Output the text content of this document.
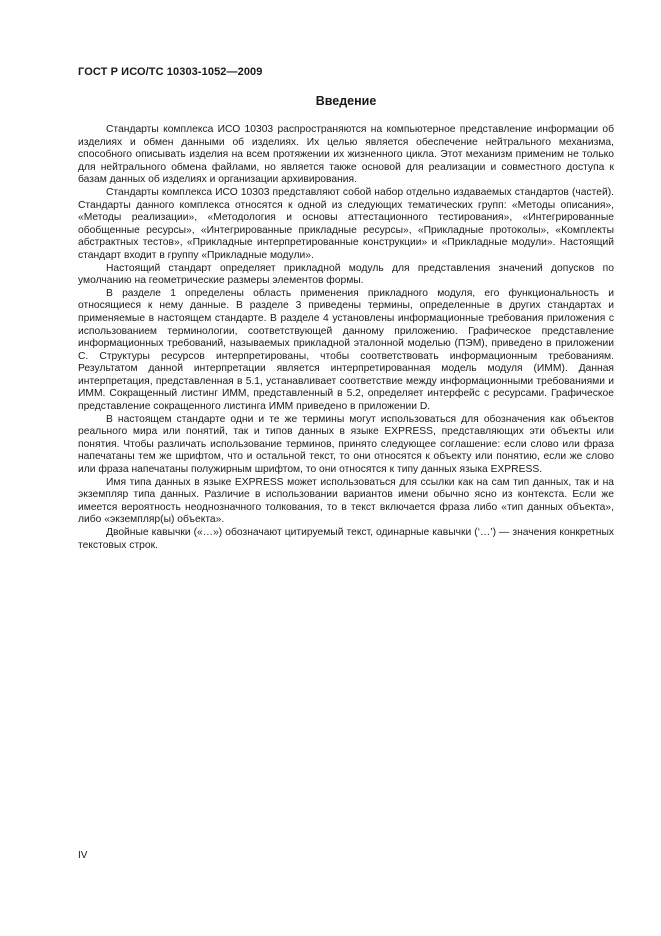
ГОСТ Р ИСО/ТС 10303-1052—2009
Введение

Стандарты комплекса ИСО 10303 распространяются на компьютерное представление информации об изделиях и обмен данными об изделиях. Их целью является обеспечение нейтрального механизма, способного описывать изделия на всем протяжении их жизненного цикла. Этот механизм применим не только для нейтрального обмена файлами, но является также основой для реализации и совместного доступа к базам данных об изделиях и организации архивирования.

Стандарты комплекса ИСО 10303 представляют собой набор отдельно издаваемых стандартов (частей). Стандарты данного комплекса относятся к одной из следующих тематических групп: «Методы описания», «Методы реализации», «Методология и основы аттестационного тестирования», «Интегрированные обобщенные ресурсы», «Интегрированные прикладные ресурсы», «Прикладные протоколы», «Комплекты абстрактных тестов», «Прикладные интерпретированные конструкции» и «Прикладные модули». Настоящий стандарт входит в группу «Прикладные модули».

Настоящий стандарт определяет прикладной модуль для представления значений допусков по умолчанию на геометрические размеры элементов формы.

В разделе 1 определены область применения прикладного модуля, его функциональность и относящиеся к нему данные. В разделе 3 приведены термины, определенные в других стандартах и применяемые в настоящем стандарте. В разделе 4 установлены информационные требования приложения с использованием терминологии, соответствующей данному приложению. Графическое представление информационных требований, называемых прикладной эталонной моделью (ПЭМ), приведено в приложении С. Структуры ресурсов интерпретированы, чтобы соответствовать информационным требованиям. Результатом данной интерпретации является интерпретированная модель модуля (ИММ). Данная интерпретация, представленная в 5.1, устанавливает соответствие между информационными требованиями и ИММ. Сокращенный листинг ИММ, представленный в 5.2, определяет интерфейс с ресурсами. Графическое представление сокращенного листинга ИММ приведено в приложении D.

В настоящем стандарте одни и те же термины могут использоваться для обозначения как объектов реального мира или понятий, так и типов данных в языке EXPRESS, представляющих эти объекты или понятия. Чтобы различать использование терминов, принято следующее соглашение: если слово или фраза напечатаны тем же шрифтом, что и остальной текст, то они относятся к объекту или понятию, если же слово или фраза напечатаны полужирным шрифтом, то они относятся к типу данных языка EXPRESS.

Имя типа данных в языке EXPRESS может использоваться для ссылки как на сам тип данных, так и на экземпляр типа данных. Различие в использовании вариантов имени обычно ясно из контекста. Если же имеется вероятность неоднозначного толкования, то в текст включается фраза либо «тип данных объекта», либо «экземпляр(ы) объекта».

Двойные кавычки («…») обозначают цитируемый текст, одинарные кавычки (‘…’) — значения конкретных текстовых строк.

IV
